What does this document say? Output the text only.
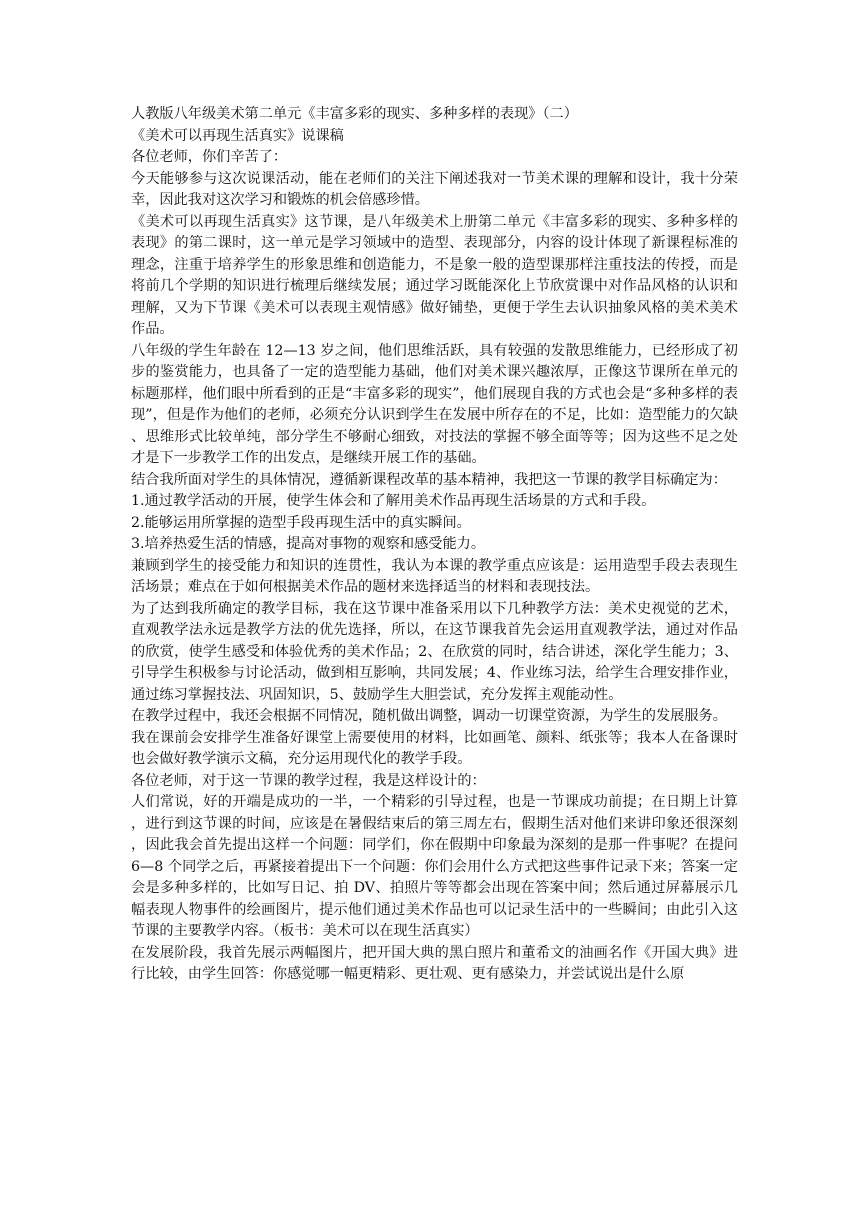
人教版八年级美术第二单元《丰富多彩的现实、多种多样的表现》（二）

《美术可以再现生活真实》说课稿

各位老师，你们辛苦了：

今天能够参与这次说课活动，能在老师们的关注下阐述我对一节美术课的理解和设计，我十分荣幸，因此我对这次学习和锻炼的机会倍感珍惜。

《美术可以再现生活真实》这节课，是八年级美术上册第二单元《丰富多彩的现实、多种多样的表现》的第二课时，这一单元是学习领域中的造型、表现部分，内容的设计体现了新课程标准的理念，注重于培养学生的形象思维和创造能力，不是象一般的造型课那样注重技法的传授，而是将前几个学期的知识进行梳理后继续发展；通过学习既能深化上节欣赏课中对作品风格的认识和理解，又为下节课《美术可以表现主观情感》做好铺垫，更便于学生去认识抽象风格的美术美术作品。

八年级的学生年龄在 12—13 岁之间，他们思维活跃，具有较强的发散思维能力，已经形成了初步的鉴赏能力，也具备了一定的造型能力基础，他们对美术课兴趣浓厚，正像这节课所在单元的标题那样，他们眼中所看到的正是“丰富多彩的现实”，他们展现自我的方式也会是“多种多样的表现”，但是作为他们的老师，必须充分认识到学生在发展中所存在的不足，比如：造型能力的欠缺、思维形式比较单纯，部分学生不够耐心细致，对技法的掌握不够全面等等；因为这些不足之处才是下一步教学工作的出发点，是继续开展工作的基础。

结合我所面对学生的具体情况，遵循新课程改革的基本精神，我把这一节课的教学目标确定为：

1.通过教学活动的开展，使学生体会和了解用美术作品再现生活场景的方式和手段。

2.能够运用所掌握的造型手段再现生活中的真实瞬间。

3.培养热爱生活的情感，提高对事物的观察和感受能力。

兼顾到学生的接受能力和知识的连贯性，我认为本课的教学重点应该是：运用造型手段去表现生活场景；难点在于如何根据美术作品的题材来选择适当的材料和表现技法。

为了达到我所确定的教学目标，我在这节课中准备采用以下几种教学方法：美术史视觉的艺术，直观教学法永远是教学方法的优先选择，所以，在这节课我首先会运用直观教学法，通过对作品的欣赏，使学生感受和体验优秀的美术作品；2、在欣赏的同时，结合讲述，深化学生能力；3、引导学生积极参与讨论活动，做到相互影响，共同发展；4、作业练习法，给学生合理安排作业，通过练习掌握技法、巩固知识，5、鼓励学生大胆尝试，充分发挥主观能动性。

在教学过程中，我还会根据不同情况，随机做出调整，调动一切课堂资源，为学生的发展服务。

我在课前会安排学生准备好课堂上需要使用的材料，比如画笔、颜料、纸张等；我本人在备课时也会做好教学演示文稿，充分运用现代化的教学手段。

各位老师，对于这一节课的教学过程，我是这样设计的：

人们常说，好的开端是成功的一半，一个精彩的引导过程，也是一节课成功前提；在日期上计算，进行到这节课的时间，应该是在暑假结束后的第三周左右，假期生活对他们来讲印象还很深刻，因此我会首先提出这样一个问题：同学们，你在假期中印象最为深刻的是那一件事呢？在提问 6—8 个同学之后，再紧接着提出下一个问题：你们会用什么方式把这些事件记录下来；答案一定会是多种多样的，比如写日记、拍 DV、拍照片等等都会出现在答案中间；然后通过屏幕展示几幅表现人物事件的绘画图片，提示他们通过美术作品也可以记录生活中的一些瞬间；由此引入这节课的主要教学内容。（板书：美术可以在现生活真实）

在发展阶段，我首先展示两幅图片，把开国大典的黑白照片和董希文的油画名作《开国大典》进行比较，由学生回答：你感觉哪一幅更精彩、更壮观、更有感染力，并尝试说出是什么原
